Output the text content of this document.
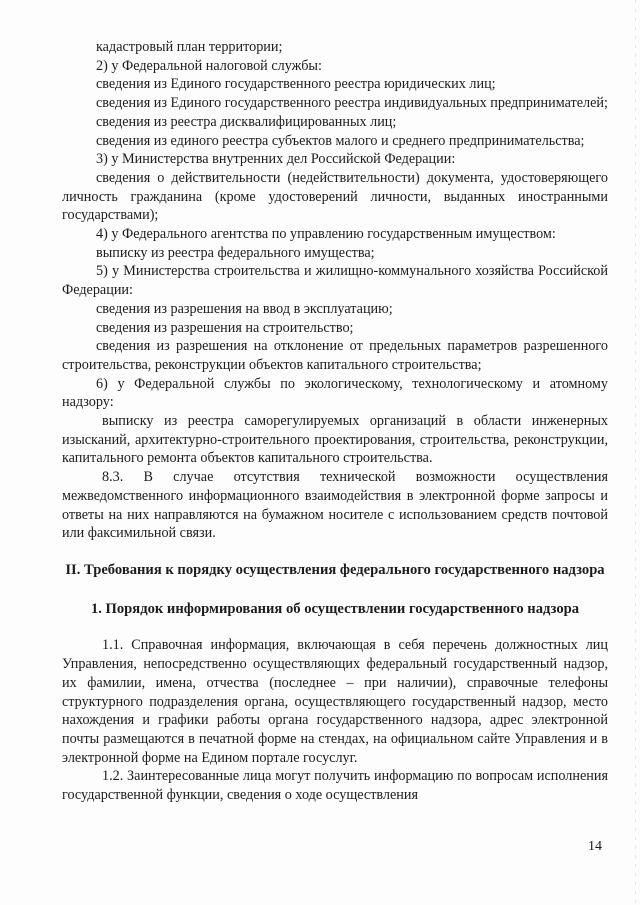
кадастровый план территории;

2) у Федеральной налоговой службы:

сведения из Единого государственного реестра юридических лиц;

сведения из Единого государственного реестра индивидуальных предпринимателей;

сведения из реестра дисквалифицированных лиц;

сведения из единого реестра субъектов малого и среднего предпринимательства;

3) у Министерства внутренних дел Российской Федерации:

сведения о действительности (недействительности) документа, удостоверяющего личность гражданина (кроме удостоверений личности, выданных иностранными государствами);

4) у Федерального агентства по управлению государственным имуществом:

выписку из реестра федерального имущества;

5) у Министерства строительства и жилищно-коммунального хозяйства Российской Федерации:

сведения из разрешения на ввод в эксплуатацию;

сведения из разрешения на строительство;

сведения из разрешения на отклонение от предельных параметров разрешенного строительства, реконструкции объектов капитального строительства;

6) у Федеральной службы по экологическому, технологическому и атомному надзору:

выписку из реестра саморегулируемых организаций в области инженерных изысканий, архитектурно-строительного проектирования, строительства, реконструкции, капитального ремонта объектов капитального строительства.

8.3. В случае отсутствия технической возможности осуществления межведомственного информационного взаимодействия в электронной форме запросы и ответы на них направляются на бумажном носителе с использованием средств почтовой или факсимильной связи.

II. Требования к порядку осуществления федерального государственного надзора
1. Порядок информирования об осуществлении государственного надзора

1.1. Справочная информация, включающая в себя перечень должностных лиц Управления, непосредственно осуществляющих федеральный государственный надзор, их фамилии, имена, отчества (последнее – при наличии), справочные телефоны структурного подразделения органа, осуществляющего государственный надзор, место нахождения и графики работы органа государственного надзора, адрес электронной почты размещаются в печатной форме на стендах, на официальном сайте Управления и в электронной форме на Едином портале госуслуг.

1.2. Заинтересованные лица могут получить информацию по вопросам исполнения государственной функции, сведения о ходе осуществления

14
